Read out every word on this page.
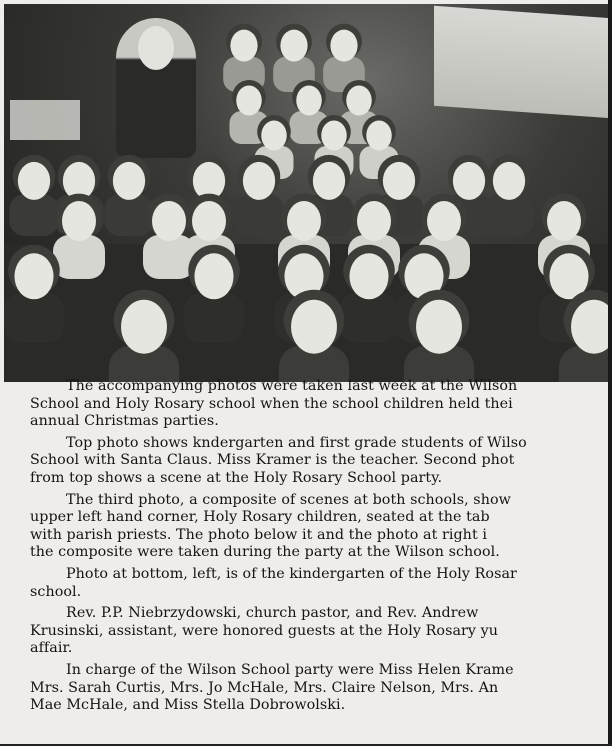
The accompanying photos were taken last week at the Wilson
School and Holy Rosary school when the school children held thei
annual Christmas parties.
Top photo shows kndergarten and first grade students of Wilso
School with Santa Claus. Miss Kramer is the teacher. Second phot
from top shows a scene at the Holy Rosary School party.
The third photo, a composite of scenes at both schools, show
upper left hand corner, Holy Rosary children, seated at the tab
with parish priests. The photo below it and the photo at right i
the composite were taken during the party at the Wilson school.
Photo at bottom, left, is of the kindergarten of the Holy Rosar
school.
Rev. P.P. Niebrzydowski, church pastor, and Rev. Andrew
Krusinski, assistant, were honored guests at the Holy Rosary yu
affair.
In charge of the Wilson School party were Miss Helen Krame
Mrs. Sarah Curtis, Mrs. Jo McHale, Mrs. Claire Nelson, Mrs. An
Mae McHale, and Miss Stella Dobrowolski.
